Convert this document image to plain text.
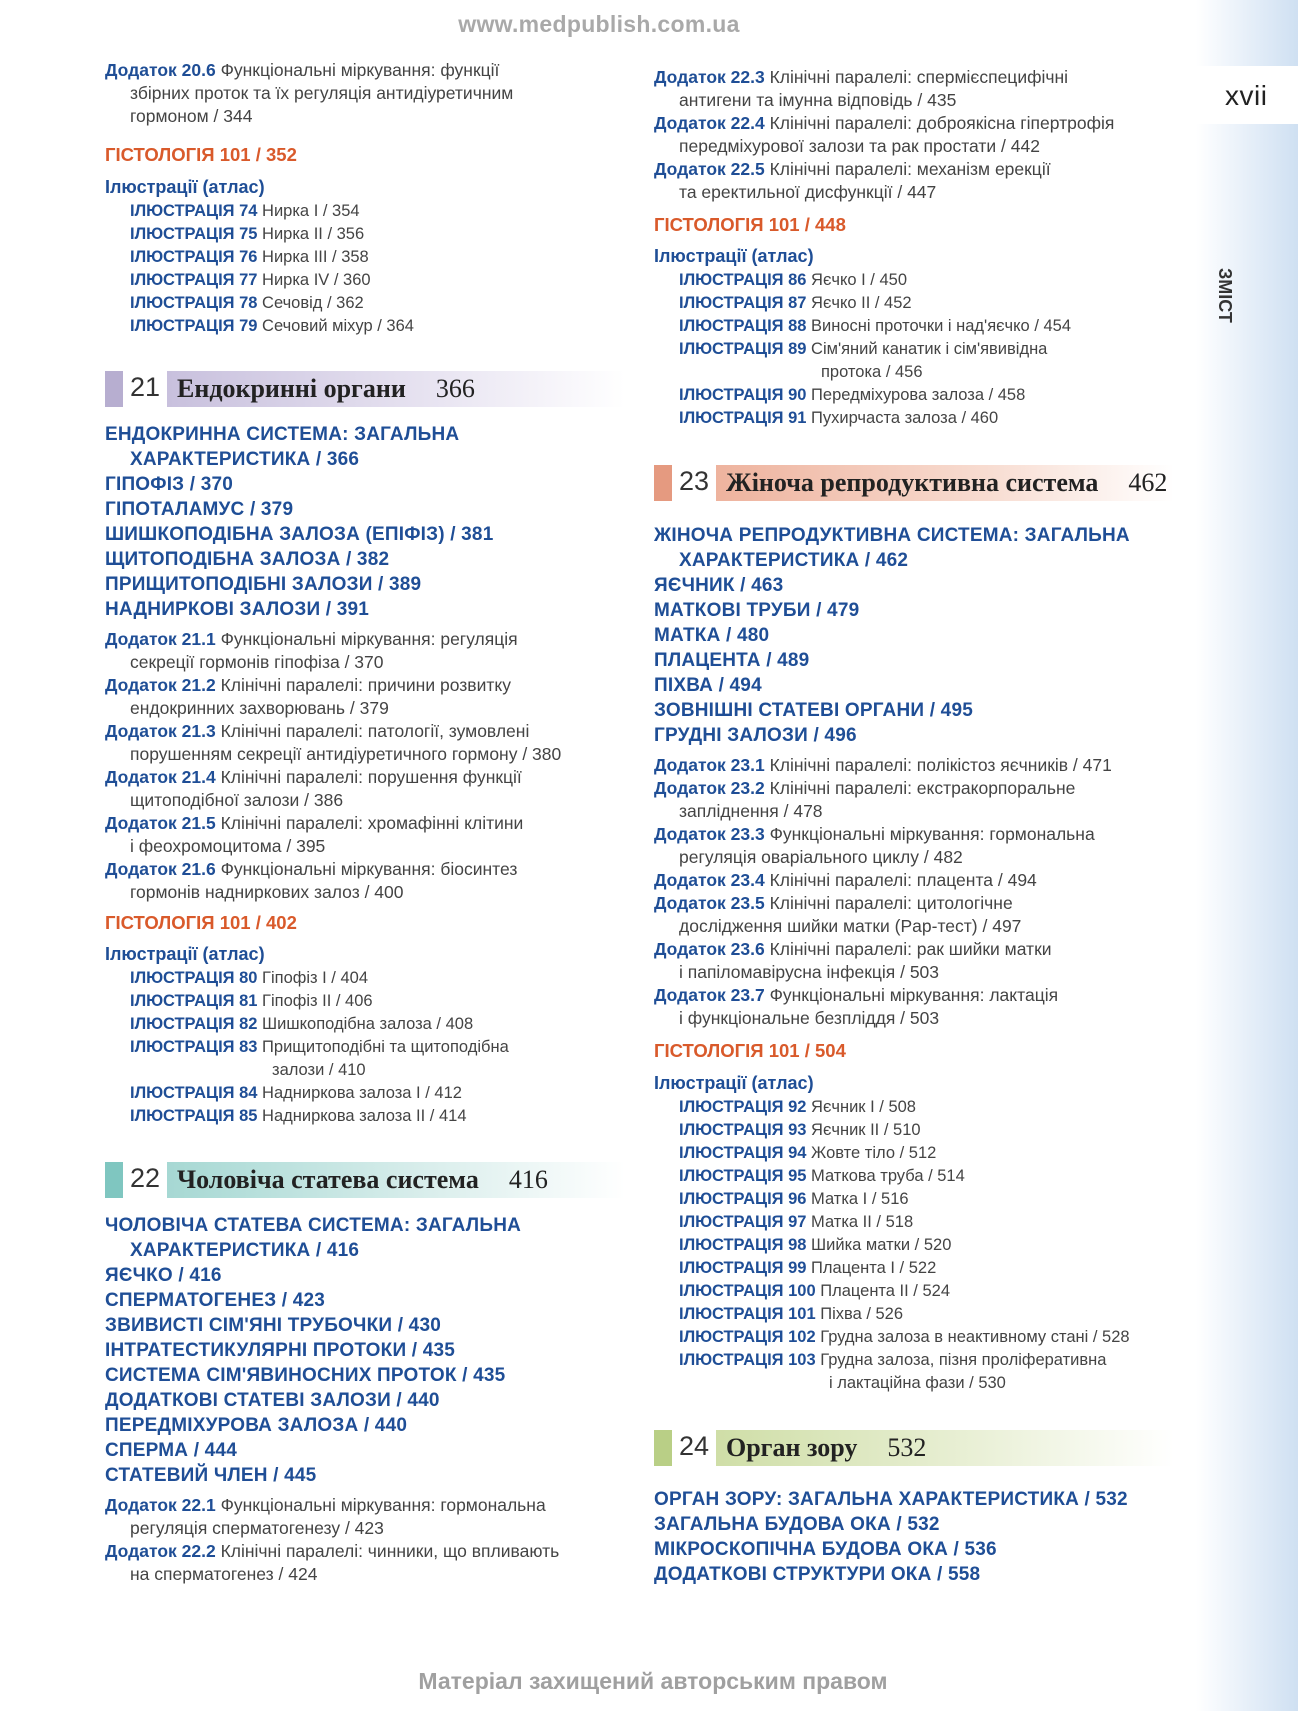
www.medpublish.com.ua
xvii
ЗМІСТ
Додаток 20.6 Функціональні міркування: функції
збірних проток та їх регуляція антидіуретичним
гормоном / 344
ГІСТОЛОГІЯ 101 / 352
Ілюстрації (атлас)
ІЛЮСТРАЦІЯ 74 Нирка I / 354
ІЛЮСТРАЦІЯ 75 Нирка II / 356
ІЛЮСТРАЦІЯ 76 Нирка III / 358
ІЛЮСТРАЦІЯ 77 Нирка IV / 360
ІЛЮСТРАЦІЯ 78 Сечовід / 362
ІЛЮСТРАЦІЯ 79 Сечовий міхур / 364
21 Ендокринні органи 366
ЕНДОКРИННА СИСТЕМА: ЗАГАЛЬНА
ХАРАКТЕРИСТИКА / 366
ГІПОФІЗ / 370
ГІПОТАЛАМУС / 379
ШИШКОПОДІБНА ЗАЛОЗА (ЕПІФІЗ) / 381
ЩИТОПОДІБНА ЗАЛОЗА / 382
ПРИЩИТОПОДІБНІ ЗАЛОЗИ / 389
НАДНИРКОВІ ЗАЛОЗИ / 391
Додаток 21.1 Функціональні міркування: регуляція
секреції гормонів гіпофіза / 370
Додаток 21.2 Клінічні паралелі: причини розвитку
ендокринних захворювань / 379
Додаток 21.3 Клінічні паралелі: патології, зумовлені
порушенням секреції антидіуретичного гормону / 380
Додаток 21.4 Клінічні паралелі: порушення функції
щитоподібної залози / 386
Додаток 21.5 Клінічні паралелі: хромафінні клітини
і феохромоцитома / 395
Додаток 21.6 Функціональні міркування: біосинтез
гормонів надниркових залоз / 400
ГІСТОЛОГІЯ 101 / 402
Ілюстрації (атлас)
ІЛЮСТРАЦІЯ 80 Гіпофіз I / 404
ІЛЮСТРАЦІЯ 81 Гіпофіз II / 406
ІЛЮСТРАЦІЯ 82 Шишкоподібна залоза / 408
ІЛЮСТРАЦІЯ 83 Прищитоподібні та щитоподібна
залози / 410
ІЛЮСТРАЦІЯ 84 Надниркова залоза I / 412
ІЛЮСТРАЦІЯ 85 Надниркова залоза II / 414
22 Чоловіча статева система 416
ЧОЛОВІЧА СТАТЕВА СИСТЕМА: ЗАГАЛЬНА
ХАРАКТЕРИСТИКА / 416
ЯЄЧКО / 416
СПЕРМАТОГЕНЕЗ / 423
ЗВИВИСТІ СІМ'ЯНІ ТРУБОЧКИ / 430
ІНТРАТЕСТИКУЛЯРНІ ПРОТОКИ / 435
СИСТЕМА СІМ'ЯВИНОСНИХ ПРОТОК / 435
ДОДАТКОВІ СТАТЕВІ ЗАЛОЗИ / 440
ПЕРЕДМІХУРОВА ЗАЛОЗА / 440
СПЕРМА / 444
СТАТЕВИЙ ЧЛЕН / 445
Додаток 22.1 Функціональні міркування: гормональна
регуляція сперматогенезу / 423
Додаток 22.2 Клінічні паралелі: чинники, що впливають
на сперматогенез / 424
Додаток 22.3 Клінічні паралелі: спермієспецифічні
антигени та імунна відповідь / 435
Додаток 22.4 Клінічні паралелі: доброякісна гіпертрофія
передміхурової залози та рак простати / 442
Додаток 22.5 Клінічні паралелі: механізм ерекції
та еректильної дисфункції / 447
ГІСТОЛОГІЯ 101 / 448
Ілюстрації (атлас)
ІЛЮСТРАЦІЯ 86 Яєчко I / 450
ІЛЮСТРАЦІЯ 87 Яєчко II / 452
ІЛЮСТРАЦІЯ 88 Виносні проточки і над'яєчко / 454
ІЛЮСТРАЦІЯ 89 Сім'яний канатик і сім'явивідна
протока / 456
ІЛЮСТРАЦІЯ 90 Передміхурова залоза / 458
ІЛЮСТРАЦІЯ 91 Пухирчаста залоза / 460
23 Жіноча репродуктивна система 462
ЖІНОЧА РЕПРОДУКТИВНА СИСТЕМА: ЗАГАЛЬНА
ХАРАКТЕРИСТИКА / 462
ЯЄЧНИК / 463
МАТКОВІ ТРУБИ / 479
МАТКА / 480
ПЛАЦЕНТА / 489
ПІХВА / 494
ЗОВНІШНІ СТАТЕВІ ОРГАНИ / 495
ГРУДНІ ЗАЛОЗИ / 496
Додаток 23.1 Клінічні паралелі: полікістоз яєчників / 471
Додаток 23.2 Клінічні паралелі: екстракорпоральне
запліднення / 478
Додаток 23.3 Функціональні міркування: гормональна
регуляція оваріального циклу / 482
Додаток 23.4 Клінічні паралелі: плацента / 494
Додаток 23.5 Клінічні паралелі: цитологічне
дослідження шийки матки (Pap-тест) / 497
Додаток 23.6 Клінічні паралелі: рак шийки матки
і папіломавірусна інфекція / 503
Додаток 23.7 Функціональні міркування: лактація
і функціональне безпліддя / 503
ГІСТОЛОГІЯ 101 / 504
Ілюстрації (атлас)
ІЛЮСТРАЦІЯ 92 Яєчник I / 508
ІЛЮСТРАЦІЯ 93 Яєчник II / 510
ІЛЮСТРАЦІЯ 94 Жовте тіло / 512
ІЛЮСТРАЦІЯ 95 Маткова труба / 514
ІЛЮСТРАЦІЯ 96 Матка I / 516
ІЛЮСТРАЦІЯ 97 Матка II / 518
ІЛЮСТРАЦІЯ 98 Шийка матки / 520
ІЛЮСТРАЦІЯ 99 Плацента I / 522
ІЛЮСТРАЦІЯ 100 Плацента II / 524
ІЛЮСТРАЦІЯ 101 Піхва / 526
ІЛЮСТРАЦІЯ 102 Грудна залоза в неактивному стані / 528
ІЛЮСТРАЦІЯ 103 Грудна залоза, пізня проліферативна
і лактаційна фази / 530
24 Орган зору 532
ОРГАН ЗОРУ: ЗАГАЛЬНА ХАРАКТЕРИСТИКА / 532
ЗАГАЛЬНА БУДОВА ОКА / 532
МІКРОСКОПІЧНА БУДОВА ОКА / 536
ДОДАТКОВІ СТРУКТУРИ ОКА / 558
Матеріал захищений авторським правом
